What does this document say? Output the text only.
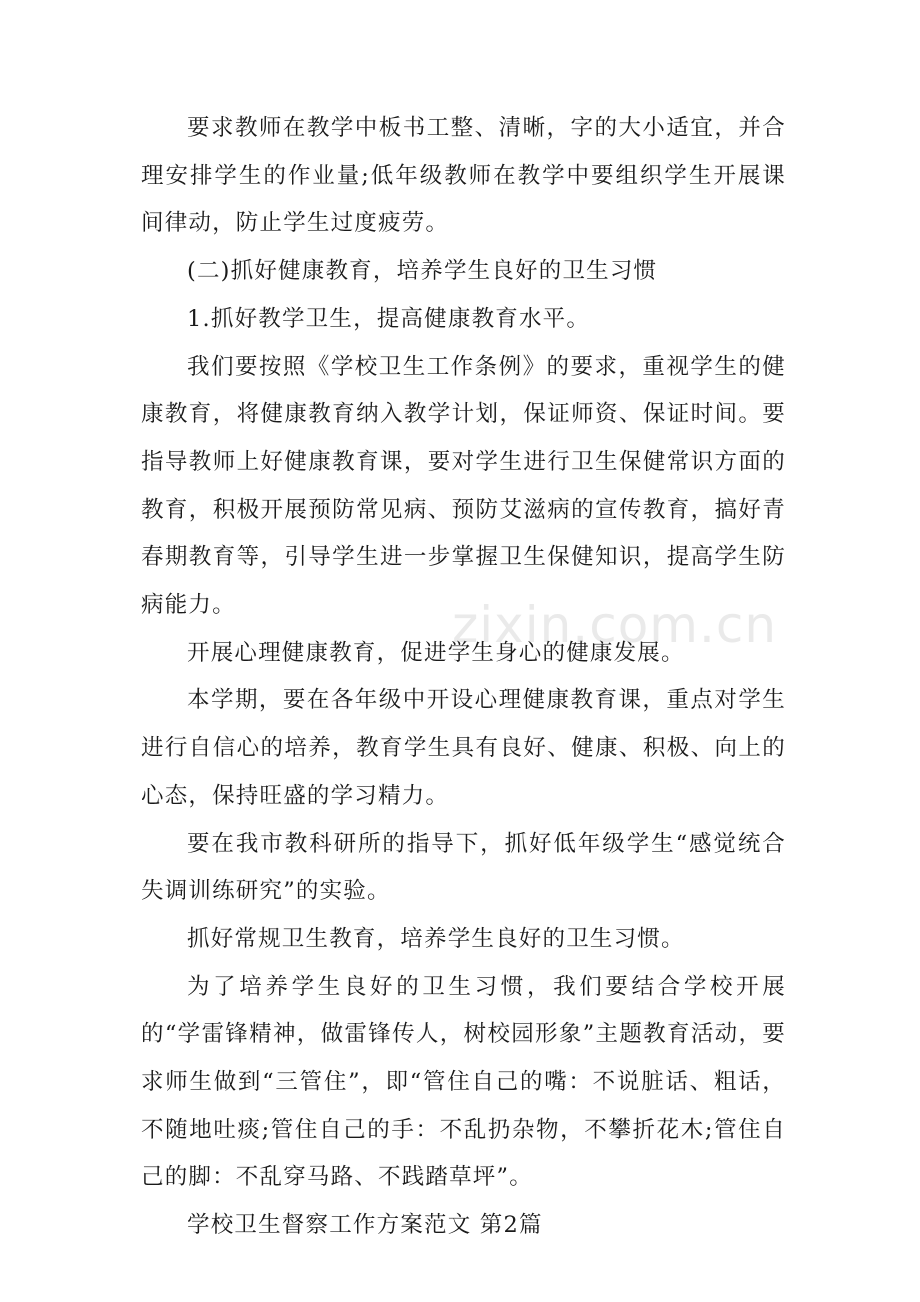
要求教师在教学中板书工整、清晰，字的大小适宜，并合理安排学生的作业量;低年级教师在教学中要组织学生开展课间律动，防止学生过度疲劳。

(二)抓好健康教育，培养学生良好的卫生习惯

1.抓好教学卫生，提高健康教育水平。

我们要按照《学校卫生工作条例》的要求，重视学生的健康教育，将健康教育纳入教学计划，保证师资、保证时间。要指导教师上好健康教育课，要对学生进行卫生保健常识方面的教育，积极开展预防常见病、预防艾滋病的宣传教育，搞好青春期教育等，引导学生进一步掌握卫生保健知识，提高学生防病能力。

开展心理健康教育，促进学生身心的健康发展。

本学期，要在各年级中开设心理健康教育课，重点对学生进行自信心的培养，教育学生具有良好、健康、积极、向上的心态，保持旺盛的学习精力。

要在我市教科研所的指导下，抓好低年级学生“感觉统合失调训练研究”的实验。

抓好常规卫生教育，培养学生良好的卫生习惯。

为了培养学生良好的卫生习惯，我们要结合学校开展的“学雷锋精神，做雷锋传人，树校园形象”主题教育活动，要求师生做到“三管住”，即“管住自己的嘴：不说脏话、粗话，不随地吐痰;管住自己的手：不乱扔杂物，不攀折花木;管住自己的脚：不乱穿马路、不践踏草坪”。

学校卫生督察工作方案范文 第2篇

zixin.com.cn
